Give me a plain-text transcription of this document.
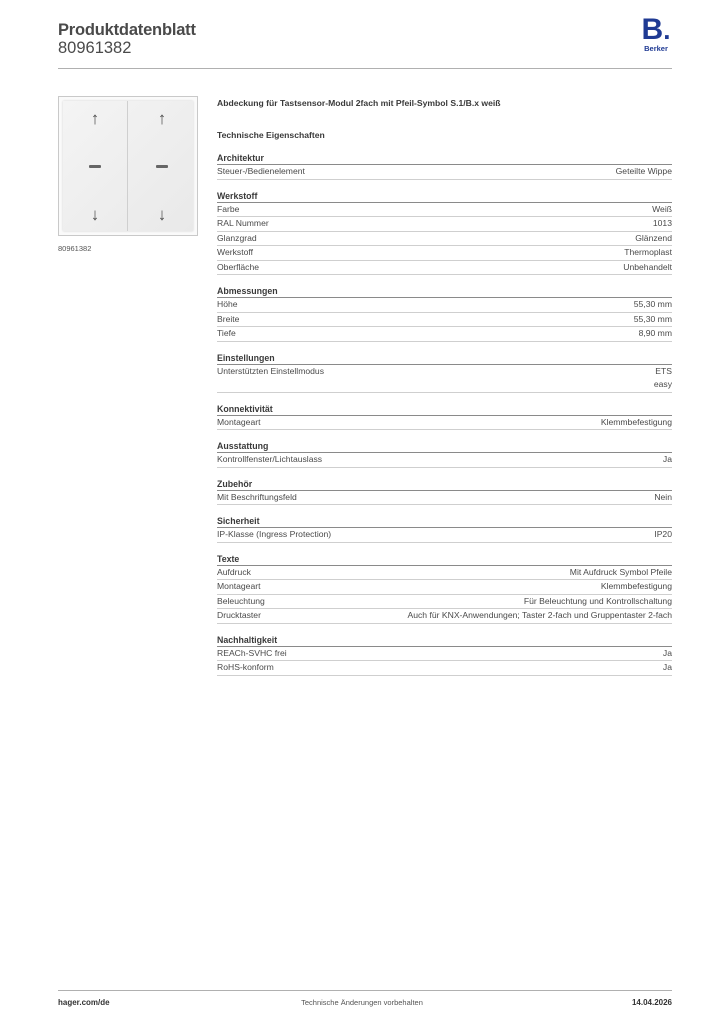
Produktdatenblatt
80961382
B.
Berker
↑	↑
↓	↓
80961382
Abdeckung für Tastsensor-Modul 2fach mit Pfeil-Symbol S.1/B.x weiß
Technische Eigenschaften
Architektur
Steuer-/Bedienelement	Geteilte Wippe
Werkstoff
Farbe	Weiß
RAL Nummer	1013
Glanzgrad	Glänzend
Werkstoff	Thermoplast
Oberfläche	Unbehandelt
Abmessungen
Höhe	55,30 mm
Breite	55,30 mm
Tiefe	8,90 mm
Einstellungen
Unterstützten Einstellmodus	ETS
easy
Konnektivität
Montageart	Klemmbefestigung
Ausstattung
Kontrollfenster/Lichtauslass	Ja
Zubehör
Mit Beschriftungsfeld	Nein
Sicherheit
IP-Klasse (Ingress Protection)	IP20
Texte
Aufdruck	Mit Aufdruck Symbol Pfeile
Montageart	Klemmbefestigung
Beleuchtung	Für Beleuchtung und Kontrollschaltung
Drucktaster	Auch für KNX-Anwendungen; Taster 2-fach und Gruppentaster 2-fach
Nachhaltigkeit
REACh-SVHC frei	Ja
RoHS-konform	Ja
hager.com/de	Technische Änderungen vorbehalten	14.04.2026
